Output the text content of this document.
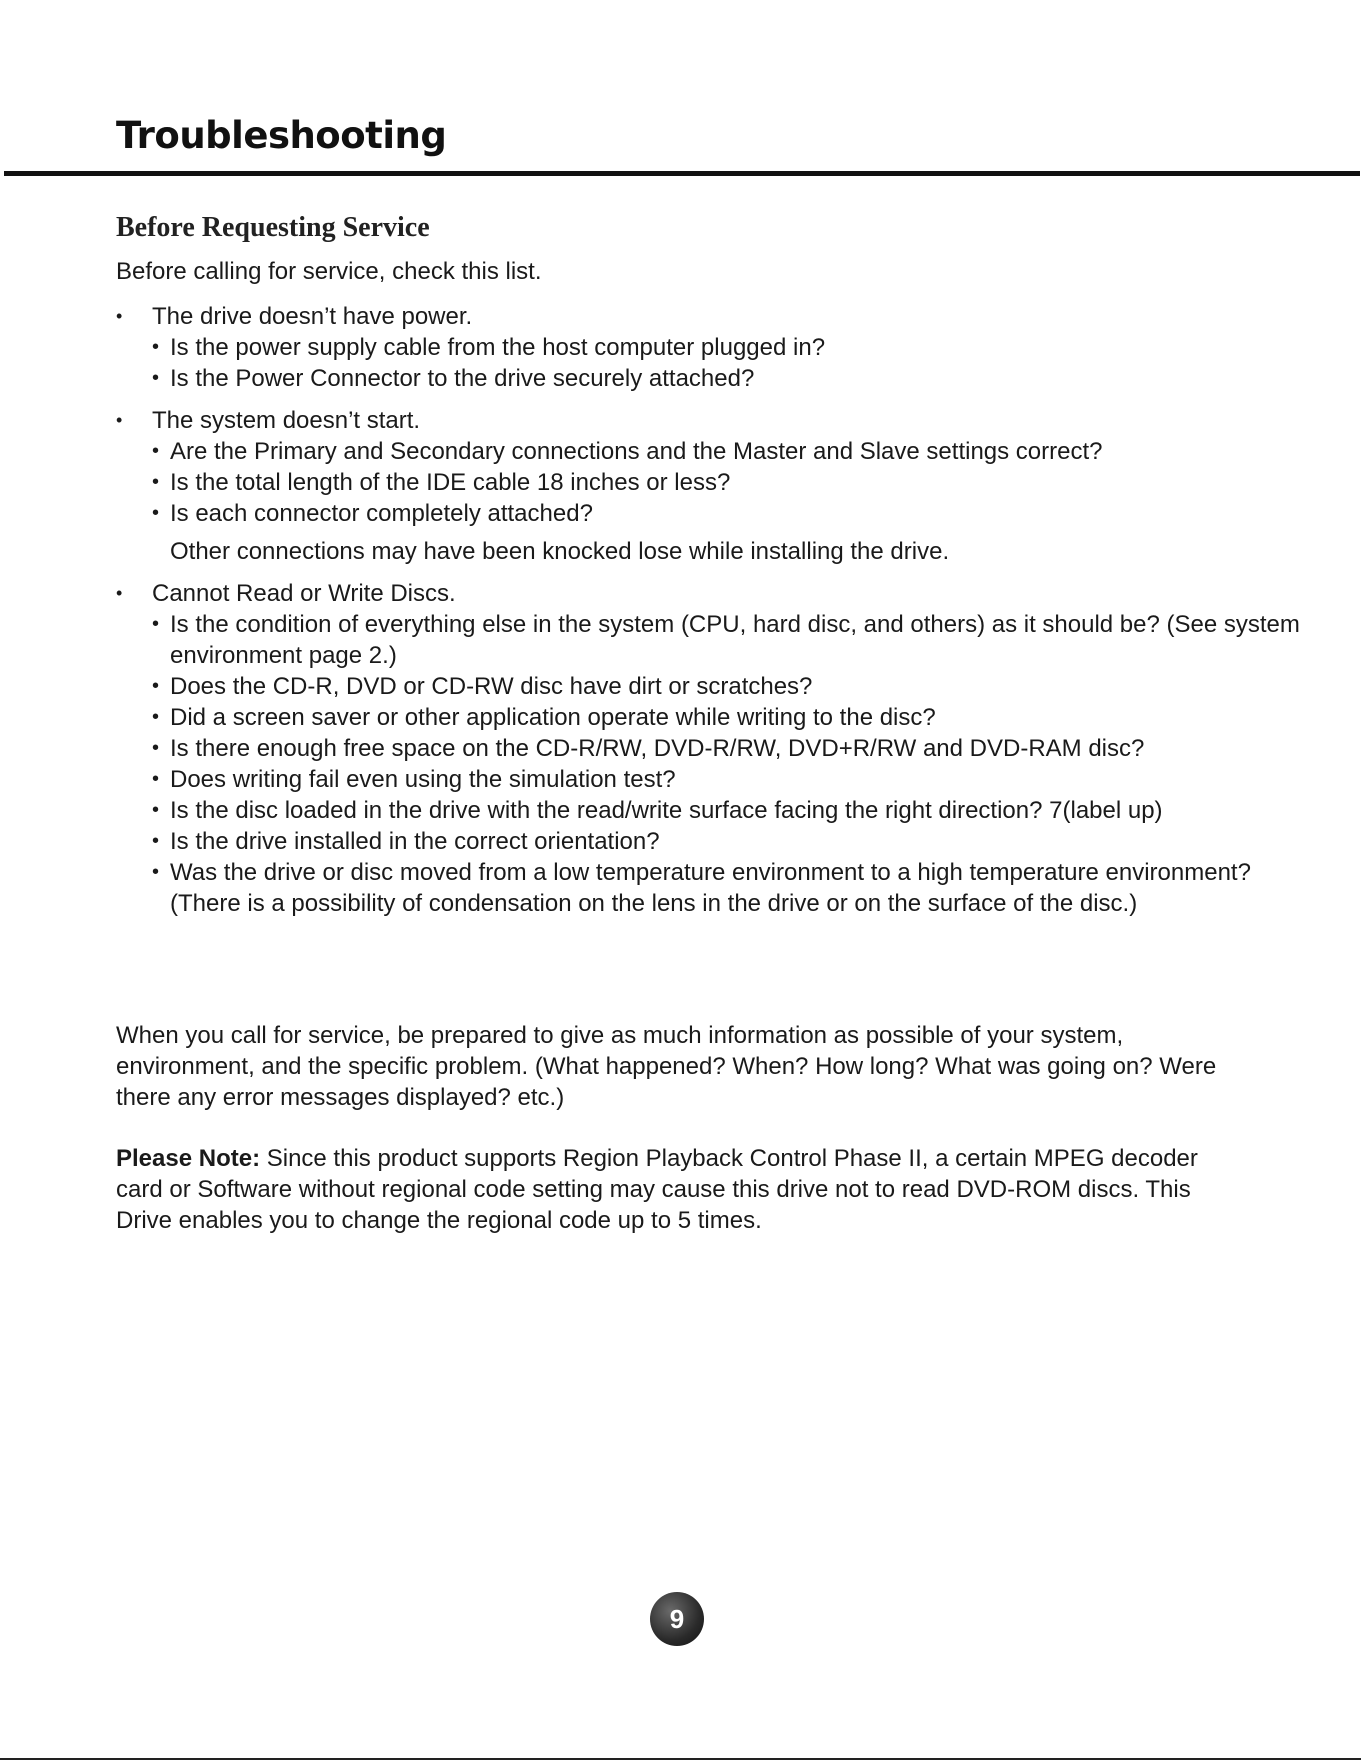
Troubleshooting
Before Requesting Service
Before calling for service, check this list.
•	The drive doesn’t have power.
• Is the power supply cable from the host computer plugged in?
• Is the Power Connector to the drive securely attached?
•	The system doesn’t start.
• Are the Primary and Secondary connections and the Master and Slave settings correct?
• Is the total length of the IDE cable 18 inches or less?
• Is each connector completely attached?
Other connections may have been knocked lose while installing the drive.
•	Cannot Read or Write Discs.
• Is the condition of everything else in the system (CPU, hard disc, and others) as it should be? (See system environment page 2.)
• Does the CD-R, DVD or CD-RW disc have dirt or scratches?
• Did a screen saver or other application operate while writing to the disc?
• Is there enough free space on the CD-R/RW, DVD-R/RW, DVD+R/RW and DVD-RAM disc?
• Does writing fail even using the simulation test?
• Is the disc loaded in the drive with the read/write surface facing the right direction? 7(label up)
• Is the drive installed in the correct orientation?
• Was the drive or disc moved from a low temperature environment to a high temperature environment? (There is a possibility of condensation on the lens in the drive or on the surface of the disc.)
When you call for service, be prepared to give as much information as possible of your system, environment, and the specific problem. (What happened? When? How long? What was going on? Were there any error messages displayed? etc.)
Please Note: Since this product supports Region Playback Control Phase II, a certain MPEG decoder card or Software without regional code setting may cause this drive not to read DVD-ROM discs. This Drive enables you to change the regional code up to 5 times.
9
